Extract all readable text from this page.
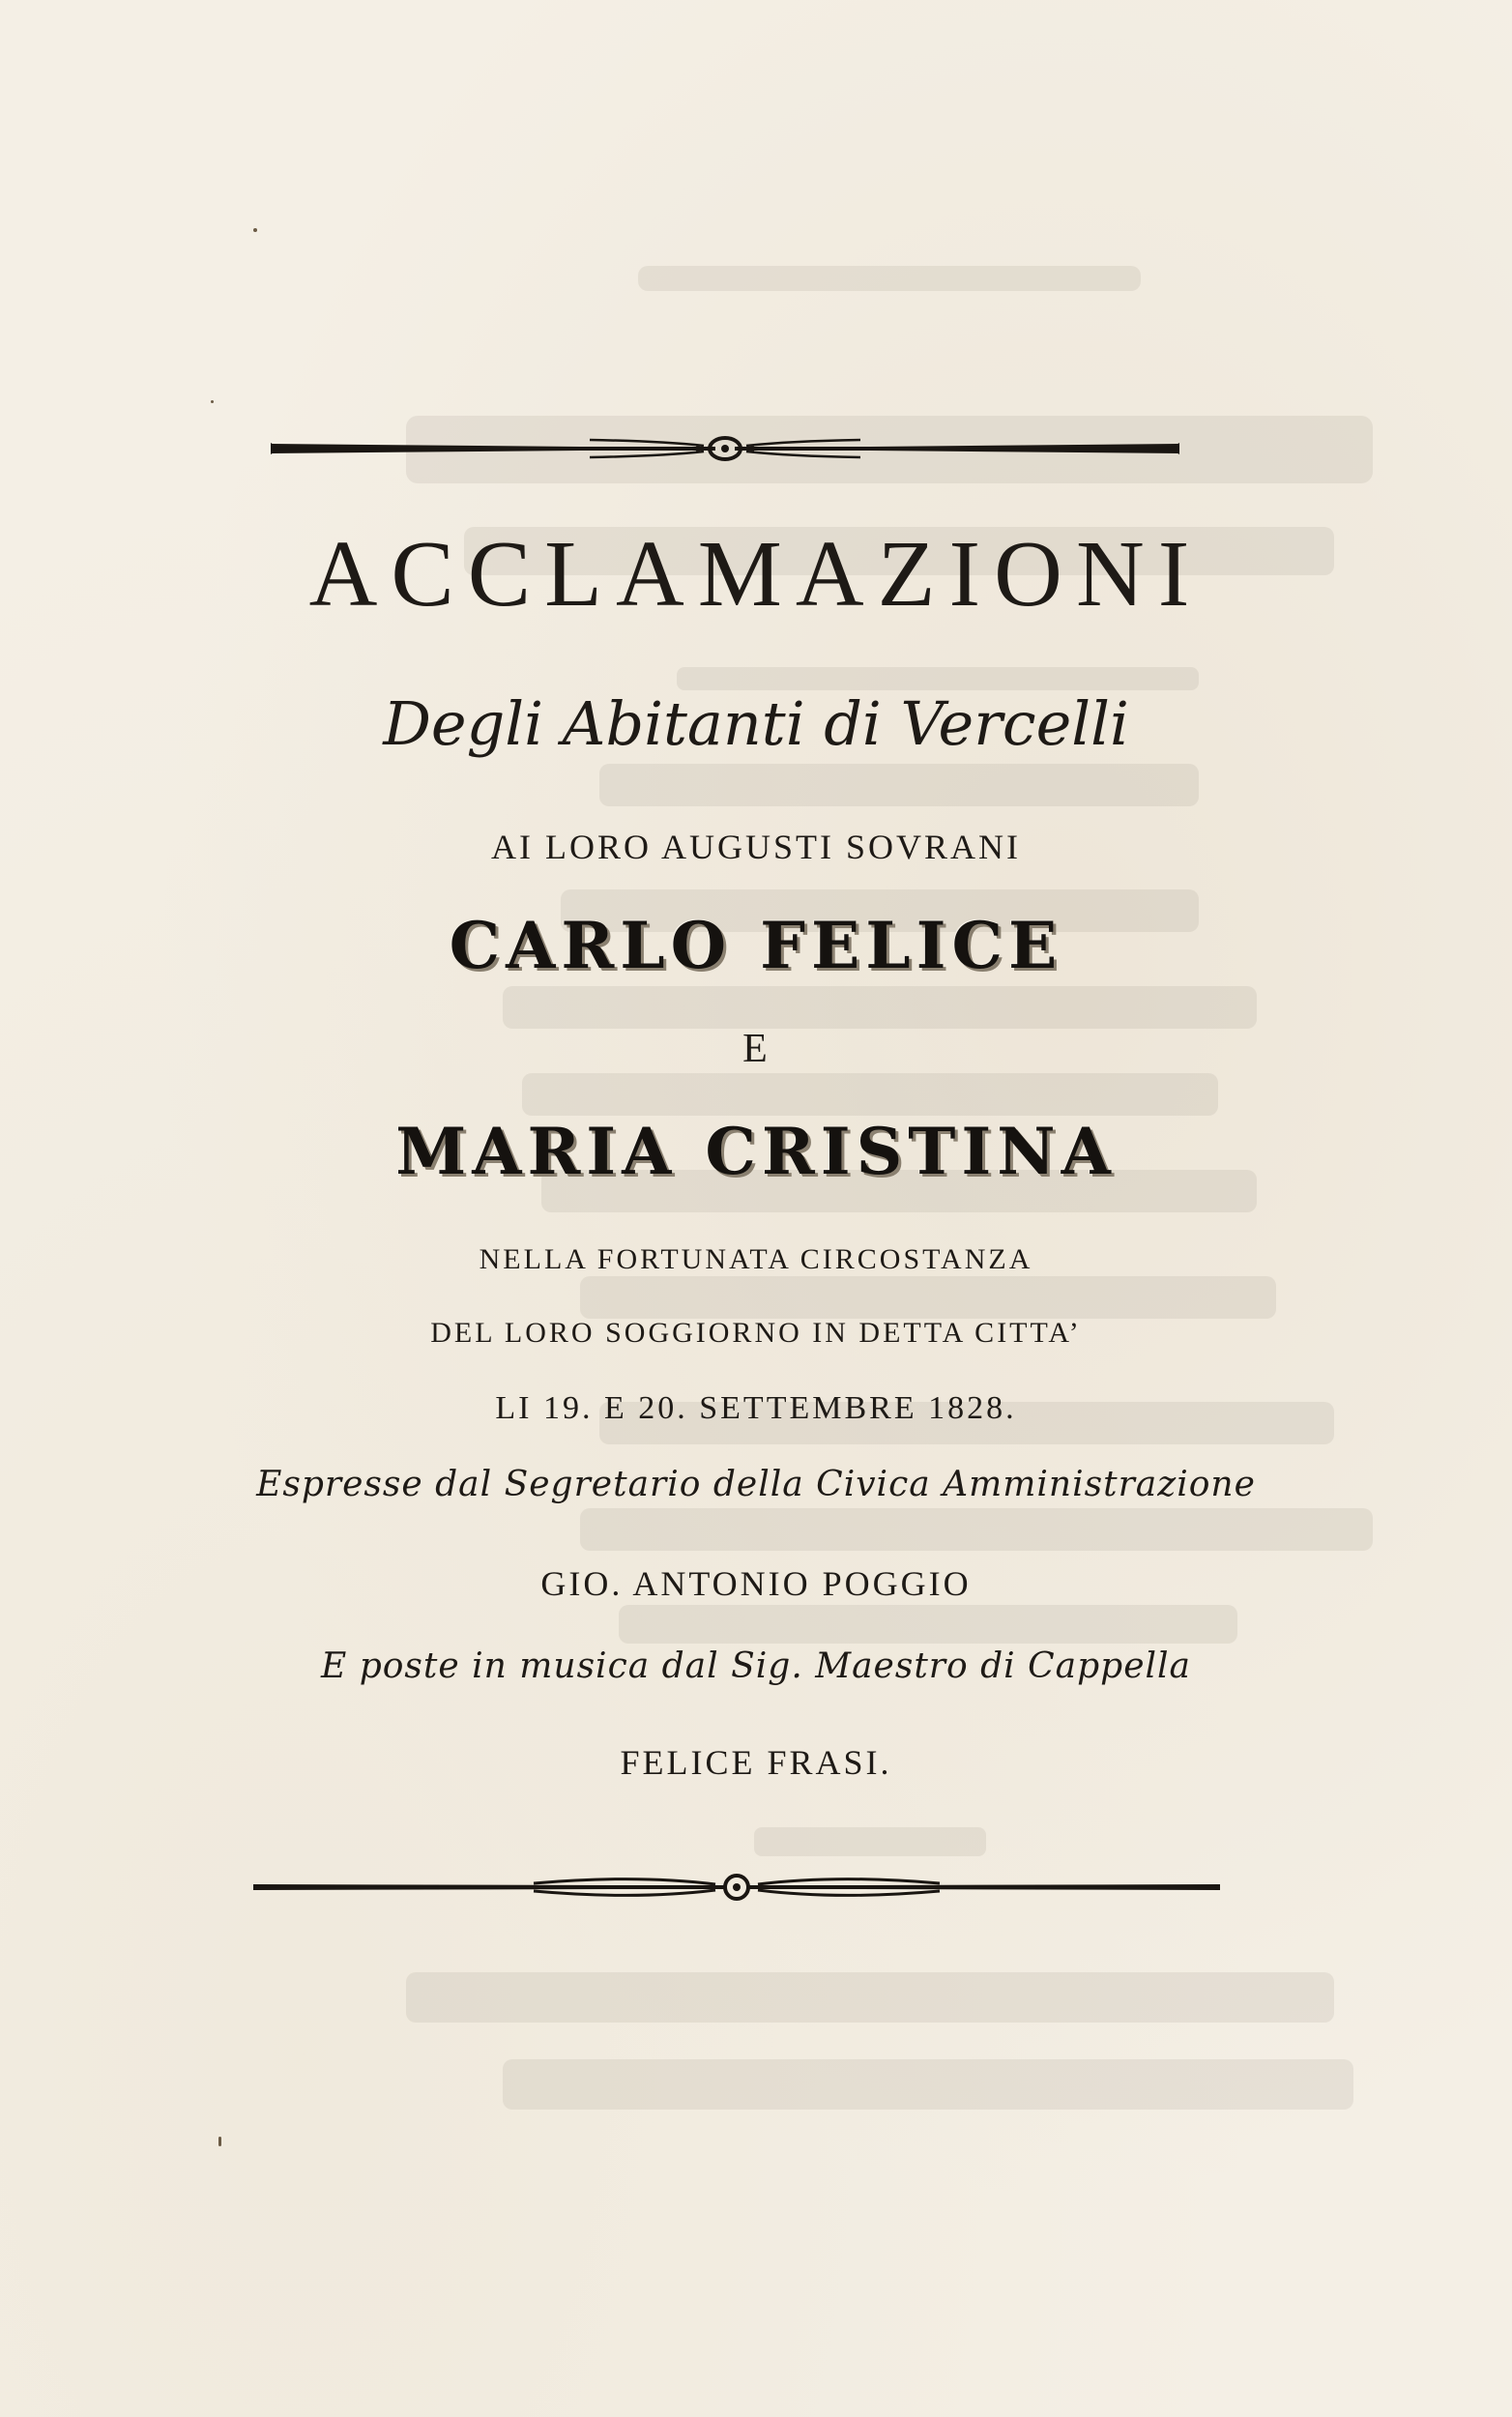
ACCLAMAZIONI
Degli Abitanti di Vercelli
AI LORO AUGUSTI SOVRANI
CARLO FELICE
E
MARIA CRISTINA
NELLA FORTUNATA CIRCOSTANZA
DEL LORO SOGGIORNO IN DETTA CITTA’
LI 19. E 20. SETTEMBRE 1828.
Espresse dal Segretario della Civica Amministrazione
GIO. ANTONIO POGGIO
E poste in musica dal Sig. Maestro di Cappella
FELICE FRASI.
